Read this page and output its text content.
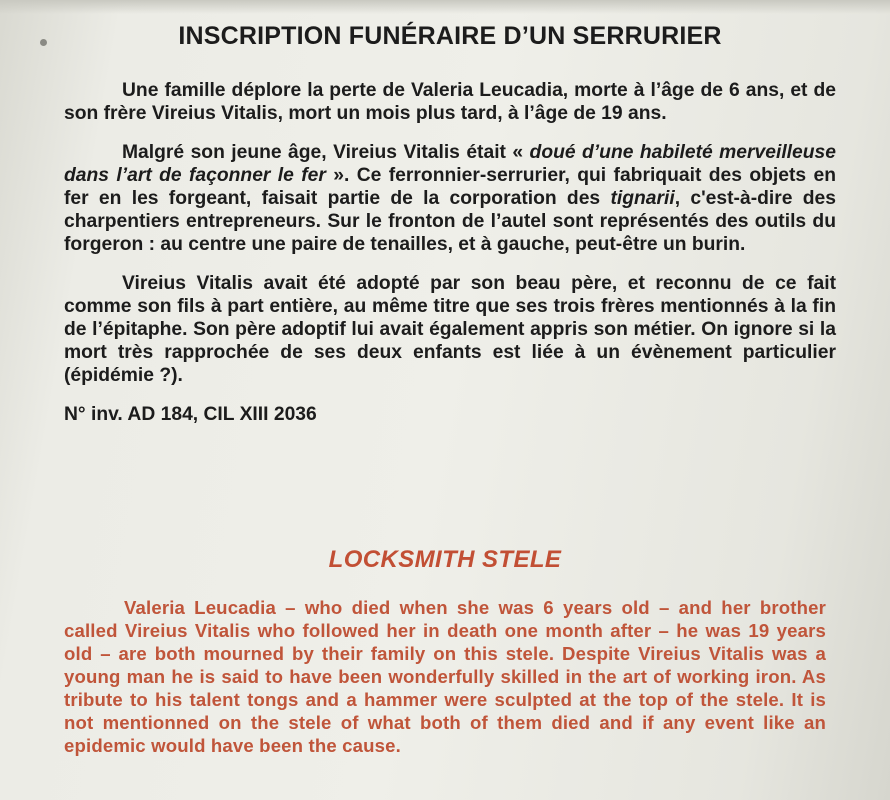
INSCRIPTION FUNÉRAIRE D’UN SERRURIER

Une famille déplore la perte de Valeria Leucadia, morte à l’âge de 6 ans, et de son frère Vireius Vitalis, mort un mois plus tard, à l’âge de 19 ans.

Malgré son jeune âge, Vireius Vitalis était « doué d’une habileté merveilleuse dans l’art de façonner le fer ». Ce ferronnier-serrurier, qui fabriquait des objets en fer en les forgeant, faisait partie de la corporation des tignarii, c'est-à-dire des charpentiers entrepreneurs. Sur le fronton de l’autel sont représentés des outils du forgeron : au centre une paire de tenailles, et à gauche, peut-être un burin.

Vireius Vitalis avait été adopté par son beau père, et reconnu de ce fait comme son fils à part entière, au même titre que ses trois frères mentionnés à la fin de l’épitaphe. Son père adoptif lui avait également appris son métier. On ignore si la mort très rapprochée de ses deux enfants est liée à un évènement particulier (épidémie ?).

N° inv. AD 184, CIL XIII 2036

LOCKSMITH STELE

Valeria Leucadia – who died when she was 6 years old – and her brother called Vireius Vitalis who followed her in death one month after – he was 19 years old – are both mourned by their family on this stele. Despite Vireius Vitalis was a young man he is said to have been wonderfully skilled in the art of working iron. As tribute to his talent tongs and a hammer were sculpted at the top of the stele. It is not mentionned on the stele of what both of them died and if any event like an epidemic would have been the cause.
